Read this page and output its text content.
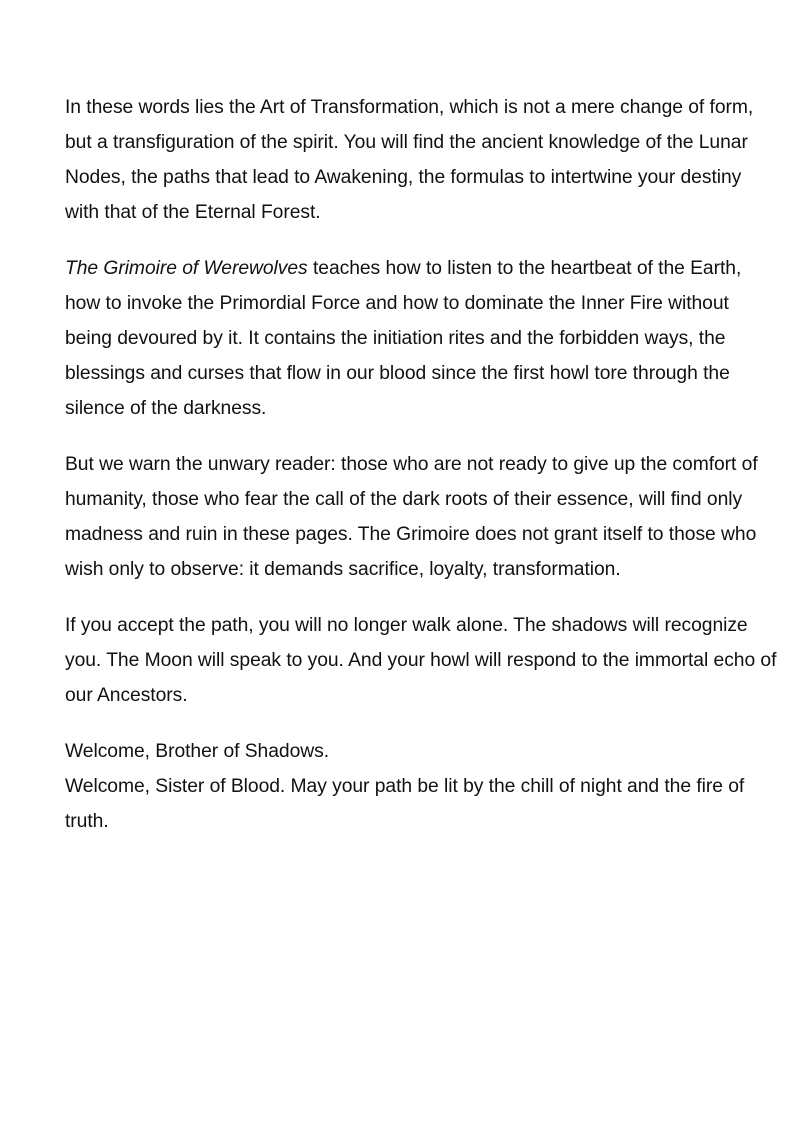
In these words lies the Art of Transformation, which is not a mere change of form, but a transfiguration of the spirit. You will find the ancient knowledge of the Lunar Nodes, the paths that lead to Awakening, the formulas to intertwine your destiny with that of the Eternal Forest.

The Grimoire of Werewolves teaches how to listen to the heartbeat of the Earth, how to invoke the Primordial Force and how to dominate the Inner Fire without being devoured by it. It contains the initiation rites and the forbidden ways, the blessings and curses that flow in our blood since the first howl tore through the silence of the darkness.

But we warn the unwary reader: those who are not ready to give up the comfort of humanity, those who fear the call of the dark roots of their essence, will find only madness and ruin in these pages. The Grimoire does not grant itself to those who wish only to observe: it demands sacrifice, loyalty, transformation.

If you accept the path, you will no longer walk alone. The shadows will recognize you. The Moon will speak to you. And your howl will respond to the immortal echo of our Ancestors.

Welcome, Brother of Shadows.
Welcome, Sister of Blood. May your path be lit by the chill of night and the fire of truth.
